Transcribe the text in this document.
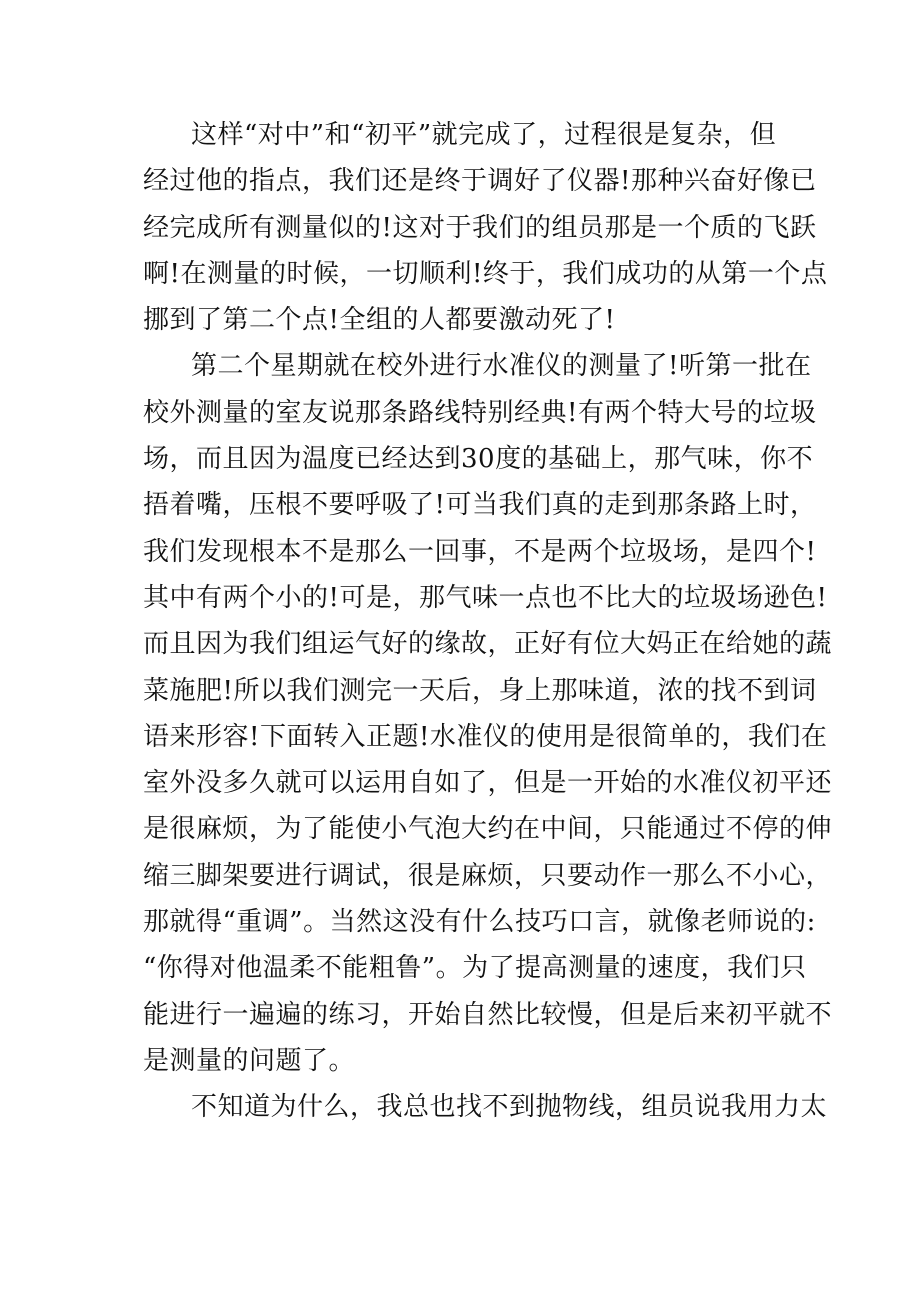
这样“对中”和“初平”就完成了，过程很是复杂，但
经过他的指点，我们还是终于调好了仪器!那种兴奋好像已
经完成所有测量似的!这对于我们的组员那是一个质的飞跃
啊!在测量的时候，一切顺利!终于，我们成功的从第一个点
挪到了第二个点!全组的人都要激动死了!
第二个星期就在校外进行水准仪的测量了!听第一批在
校外测量的室友说那条路线特别经典!有两个特大号的垃圾
场，而且因为温度已经达到30度的基础上，那气味，你不
捂着嘴，压根不要呼吸了!可当我们真的走到那条路上时，
我们发现根本不是那么一回事，不是两个垃圾场，是四个!
其中有两个小的!可是，那气味一点也不比大的垃圾场逊色!
而且因为我们组运气好的缘故，正好有位大妈正在给她的蔬
菜施肥!所以我们测完一天后，身上那味道，浓的找不到词
语来形容!下面转入正题!水准仪的使用是很简单的，我们在
室外没多久就可以运用自如了，但是一开始的水准仪初平还
是很麻烦，为了能使小气泡大约在中间，只能通过不停的伸
缩三脚架要进行调试，很是麻烦，只要动作一那么不小心，
那就得“重调”。当然这没有什么技巧口言，就像老师说的:
“你得对他温柔不能粗鲁”。为了提高测量的速度，我们只
能进行一遍遍的练习，开始自然比较慢，但是后来初平就不
是测量的问题了。
不知道为什么，我总也找不到抛物线，组员说我用力太
